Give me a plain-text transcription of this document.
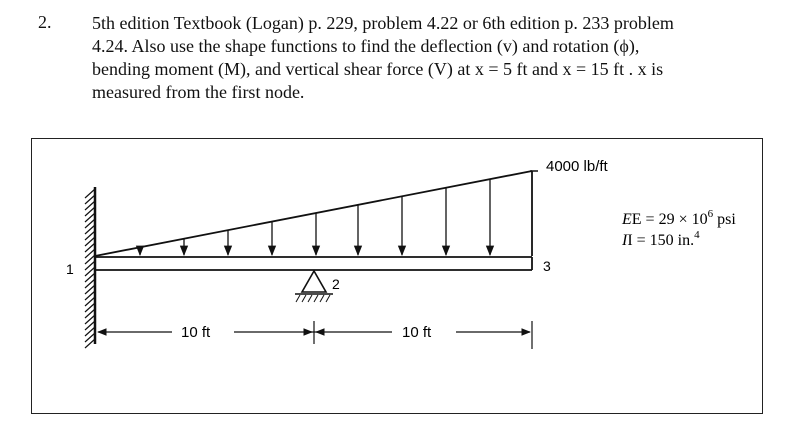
2. 5th edition Textbook (Logan) p. 229, problem 4.22 or 6th edition p. 233 problem
4.24. Also use the shape functions to find the deflection (v) and rotation (ϕ),
bending moment (M), and vertical shear force (V) at x = 5 ft and x = 15 ft . x is
measured from the first node.
1
2
3
4000 lb/ft
EE = $29 \times 10^6$ psi
II = 150 in.$^4$
10 ft	10 ft
